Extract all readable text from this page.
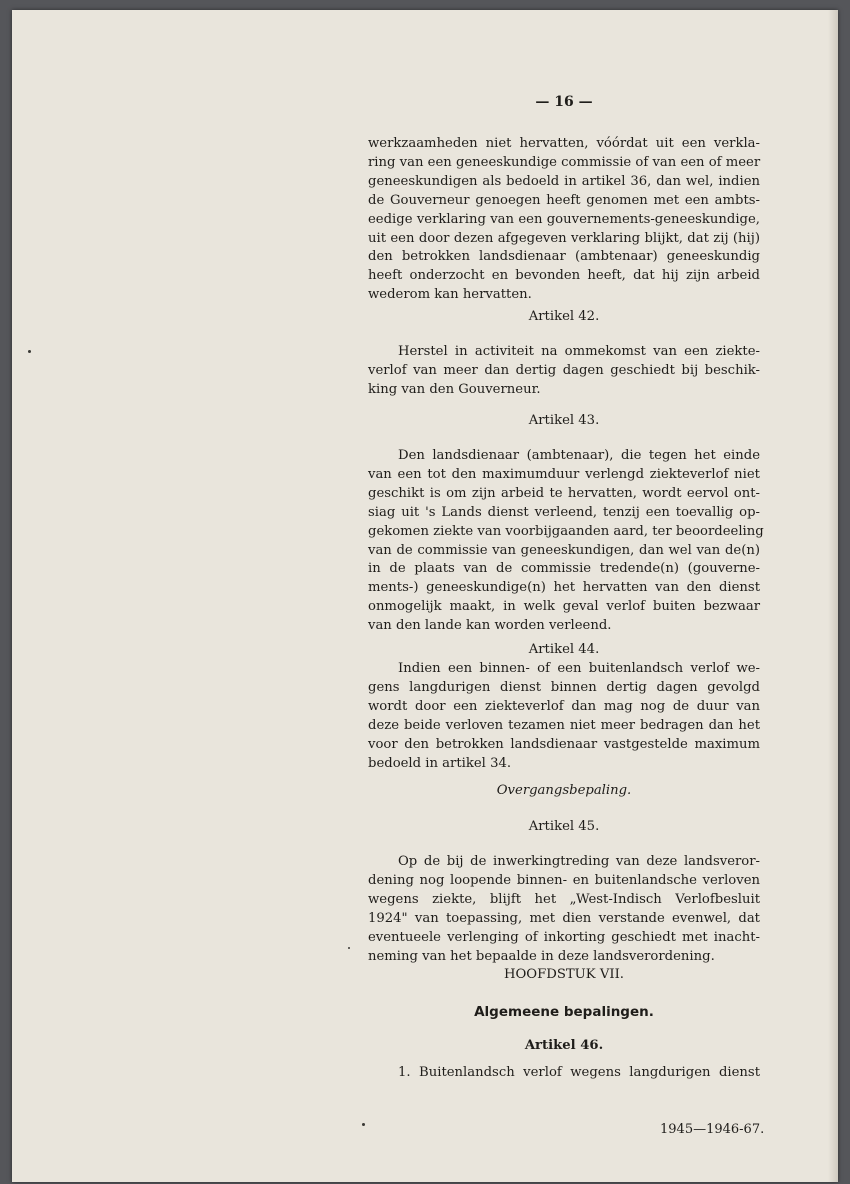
— 16 —
werkzaamheden niet hervatten, vóórdat uit een verkla-
ring van een geneeskundige commissie of van een of meer
geneeskundigen als bedoeld in artikel 36, dan wel, indien
de Gouverneur genoegen heeft genomen met een ambts-
eedige verklaring van een gouvernements-geneeskundige,
uit een door dezen afgegeven verklaring blijkt, dat zij (hij)
den betrokken landsdienaar (ambtenaar) geneeskundig
heeft onderzocht en bevonden heeft, dat hij zijn arbeid
wederom kan hervatten.
Artikel 42.
Herstel in activiteit na ommekomst van een ziekte-
verlof van meer dan dertig dagen geschiedt bij beschik-
king van den Gouverneur.
Artikel 43.
Den landsdienaar (ambtenaar), die tegen het einde
van een tot den maximumduur verlengd ziekteverlof niet
geschikt is om zijn arbeid te hervatten, wordt eervol ont-
siag uit 's Lands dienst verleend, tenzij een toevallig op-
gekomen ziekte van voorbijgaanden aard, ter beoordeeling
van de commissie van geneeskundigen, dan wel van de(n)
in de plaats van de commissie tredende(n) (gouverne-
ments-) geneeskundige(n) het hervatten van den dienst
onmogelijk maakt, in welk geval verlof buiten bezwaar
van den lande kan worden verleend.
Artikel 44.
Indien een binnen- of een buitenlandsch verlof we-
gens langdurigen dienst binnen dertig dagen gevolgd
wordt door een ziekteverlof dan mag nog de duur van
deze beide verloven tezamen niet meer bedragen dan het
voor den betrokken landsdienaar vastgestelde maximum
bedoeld in artikel 34.
Overgangsbepaling.
Artikel 45.
Op de bij de inwerkingtreding van deze landsveror-
dening nog loopende binnen- en buitenlandsche verloven
wegens ziekte, blijft het „West-Indisch Verlofbesluit
1924" van toepassing, met dien verstande evenwel, dat
eventueele verlenging of inkorting geschiedt met inacht-
neming van het bepaalde in deze landsverordening.
HOOFDSTUK VII.
Algemeene bepalingen.
Artikel 46.
1. Buitenlandsch verlof wegens langdurigen dienst
1945—1946-67.
